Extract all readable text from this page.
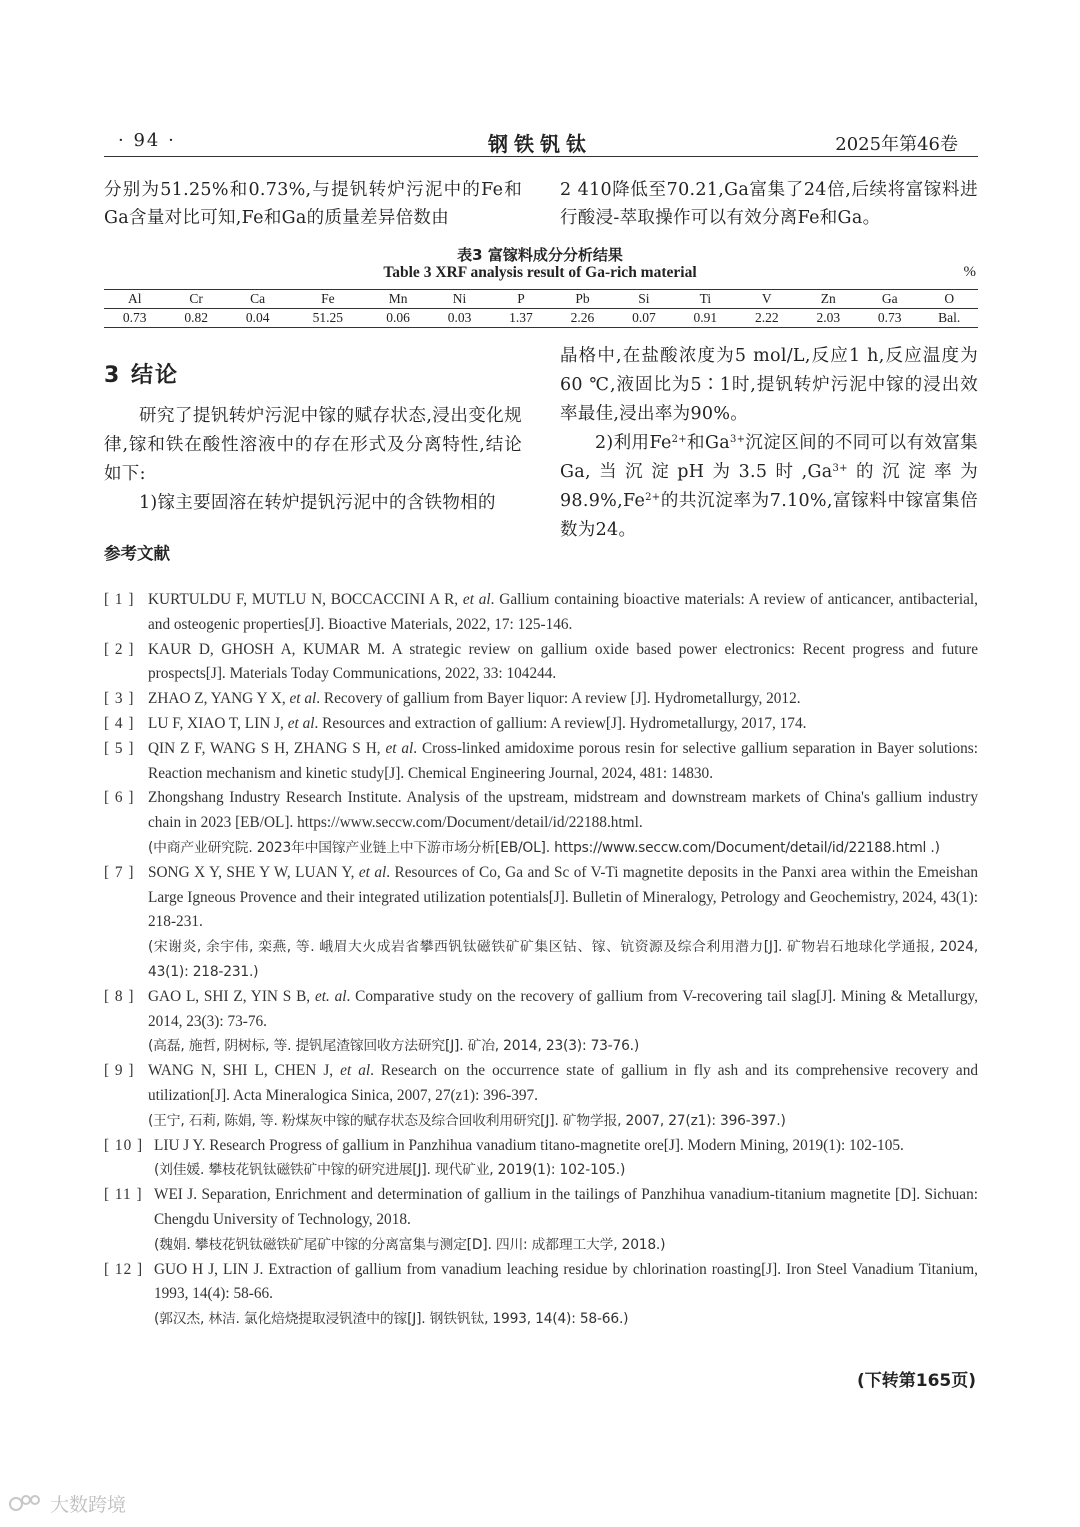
· 94 ·	钢铁钒钛	2025年第46卷

分别为51.25%和0.73%,与提钒转炉污泥中的Fe和Ga含量对比可知,Fe和Ga的质量差异倍数由

2 410降低至70.21,Ga富集了24倍,后续将富镓料进行酸浸-萃取操作可以有效分离Fe和Ga。

表3 富镓料成分分析结果
Table 3 XRF analysis result of Ga-rich material	%
Al	Cr	Ca	Fe	Mn	Ni	P	Pb	Si	Ti	V	Zn	Ga	O
0.73	0.82	0.04	51.25	0.06	0.03	1.37	2.26	0.07	0.91	2.22	2.03	0.73	Bal.
3 结论

研究了提钒转炉污泥中镓的赋存状态,浸出变化规律,镓和铁在酸性溶液中的存在形式及分离特性,结论如下:

1)镓主要固溶在转炉提钒污泥中的含铁物相的

晶格中,在盐酸浓度为5 mol/L,反应1 h,反应温度为60 ℃,液固比为5∶1时,提钒转炉污泥中镓的浸出效率最佳,浸出率为90%。

2)利用$Fe^{2+}$和$Ga^{3+}$沉淀区间的不同可以有效富集Ga,当沉淀pH为3.5时$,Ga^{3+}$的沉淀率为$98.9\%,Fe^{2+}$的共沉淀率为7.10%,富镓料中镓富集倍数为24。

参考文献
[ 1 ] KURTULDU F, MUTLU N, BOCCACCINI A R, et al. Gallium containing bioactive materials: A review of anticancer, antibacterial, and osteogenic properties[J]. Bioactive Materials, 2022, 17: 125-146.
[ 2 ] KAUR D, GHOSH A, KUMAR M. A strategic review on gallium oxide based power electronics: Recent progress and future prospects[J]. Materials Today Communications, 2022, 33: 104244.
[ 3 ] ZHAO Z, YANG Y X, et al. Recovery of gallium from Bayer liquor: A review [J]. Hydrometallurgy, 2012.
[ 4 ] LU F, XIAO T, LIN J, et al. Resources and extraction of gallium: A review[J]. Hydrometallurgy, 2017, 174.
[ 5 ] QIN Z F, WANG S H, ZHANG S H, et al. Cross-linked amidoxime porous resin for selective gallium separation in Bayer solutions: Reaction mechanism and kinetic study[J]. Chemical Engineering Journal, 2024, 481: 14830.
[ 6 ] Zhongshang Industry Research Institute. Analysis of the upstream, midstream and downstream markets of China's gallium industry chain in 2023 [EB/OL]. https://www.seccw.com/Document/detail/id/22188.html.
(中商产业研究院. 2023年中国镓产业链上中下游市场分析[EB/OL]. https://www.seccw.com/Document/detail/id/22188.html .)
[ 7 ] SONG X Y, SHE Y W, LUAN Y, et al. Resources of Co, Ga and Sc of V-Ti magnetite deposits in the Panxi area within the Emeishan Large Igneous Provence and their integrated utilization potentials[J]. Bulletin of Mineralogy, Petrology and Geochemistry, 2024, 43(1): 218-231.
(宋谢炎, 余宇伟, 栾燕, 等. 峨眉大火成岩省攀西钒钛磁铁矿矿集区钴、镓、钪资源及综合利用潜力[J]. 矿物岩石地球化学通报, 2024, 43(1): 218-231.)
[ 8 ] GAO L, SHI Z, YIN S B, et. al. Comparative study on the recovery of gallium from V-recovering tail slag[J]. Mining & Metallurgy, 2014, 23(3): 73-76.
(高磊, 施哲, 阴树标, 等. 提钒尾渣镓回收方法研究[J]. 矿冶, 2014, 23(3): 73-76.)
[ 9 ] WANG N, SHI L, CHEN J, et al. Research on the occurrence state of gallium in fly ash and its comprehensive recovery and utilization[J]. Acta Mineralogica Sinica, 2007, 27(z1): 396-397.
(王宁, 石莉, 陈娟, 等. 粉煤灰中镓的赋存状态及综合回收利用研究[J]. 矿物学报, 2007, 27(z1): 396-397.)
[ 10 ] LIU J Y. Research Progress of gallium in Panzhihua vanadium titano-magnetite ore[J]. Modern Mining, 2019(1): 102-105.
(刘佳媛. 攀枝花钒钛磁铁矿中镓的研究进展[J]. 现代矿业, 2019(1): 102-105.)
[ 11 ] WEI J. Separation, Enrichment and determination of gallium in the tailings of Panzhihua vanadium-titanium magnetite [D]. Sichuan: Chengdu University of Technology, 2018.
(魏娟. 攀枝花钒钛磁铁矿尾矿中镓的分离富集与测定[D]. 四川: 成都理工大学, 2018.)
[ 12 ] GUO H J, LIN J. Extraction of gallium from vanadium leaching residue by chlorination roasting[J]. Iron Steel Vanadium Titanium, 1993, 14(4): 58-66.
(郭汉杰, 林洁. 氯化焙烧提取浸钒渣中的镓[J]. 钢铁钒钛, 1993, 14(4): 58-66.)
(下转第165页)
大数跨境
